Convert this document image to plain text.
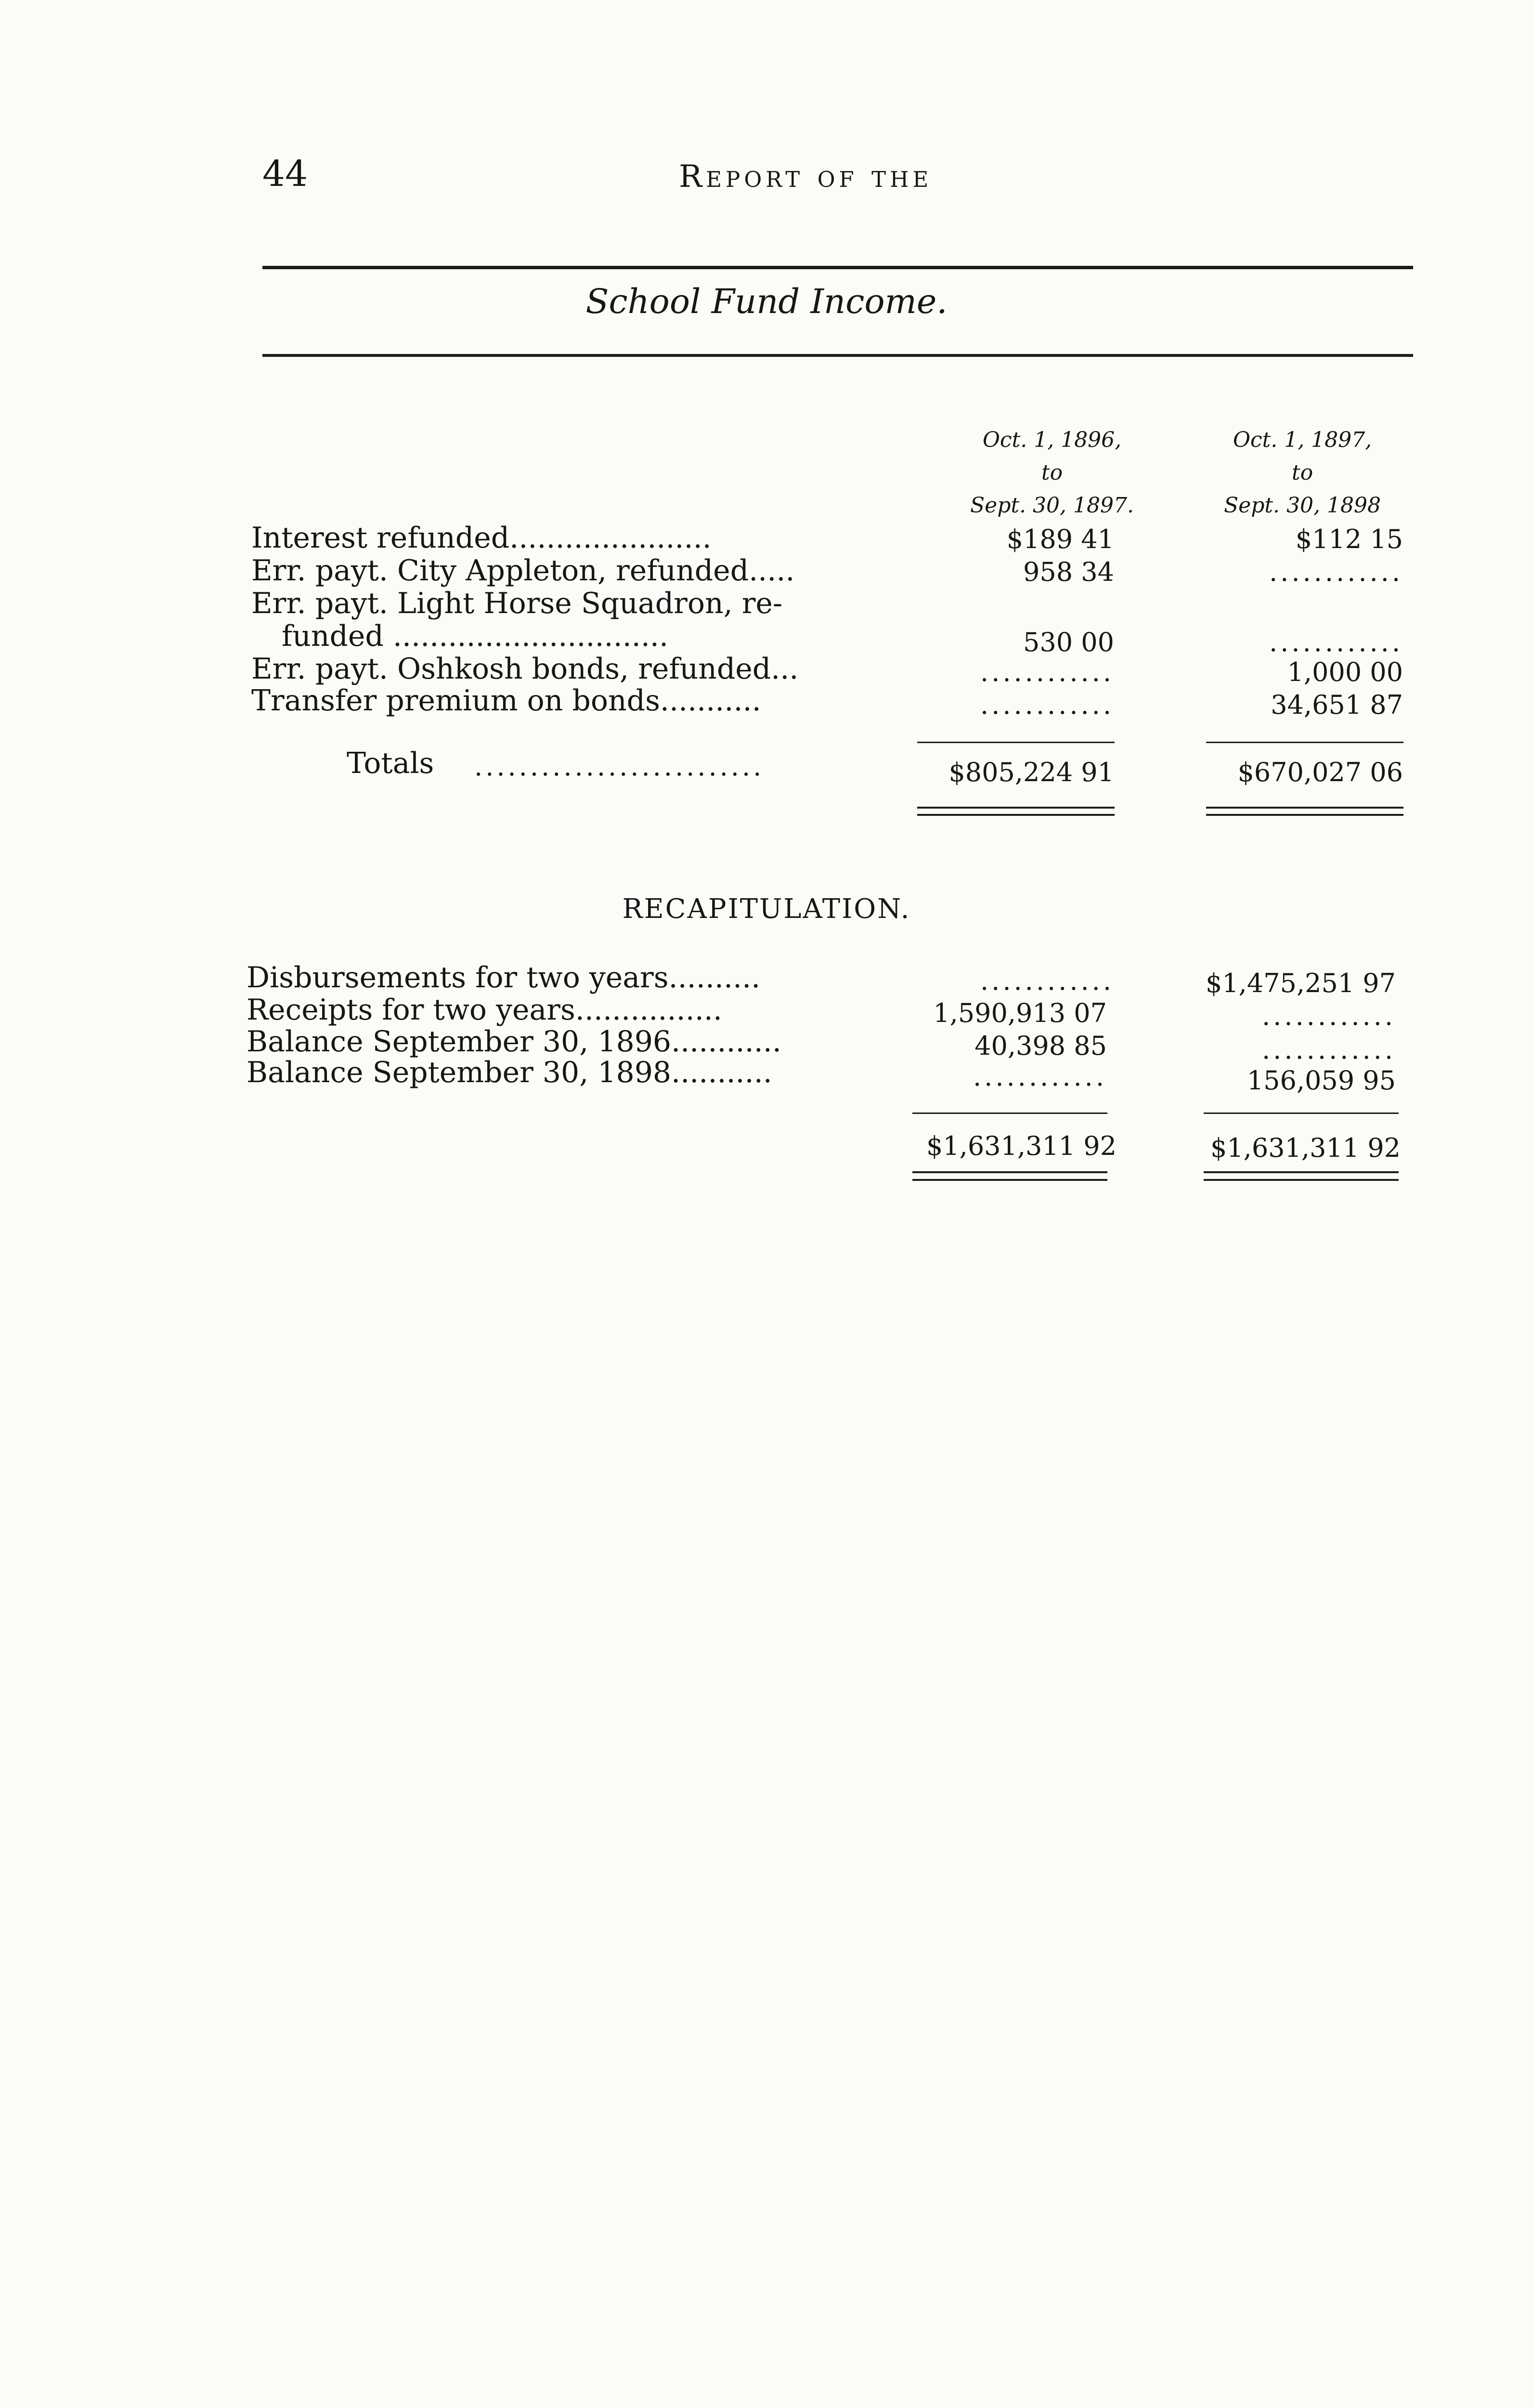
44	Report of the
School Fund Income.
Oct. 1, 1896,
to
Sept. 30, 1897.
Oct. 1, 1897,
to
Sept. 30, 1898
Interest refunded......................	$189 41	$112 15
Err. payt. City Appleton, refunded.....	958 34	............
Err. payt. Light Horse Squadron, re-
funded ..............................	530 00	............
Err. payt. Oshkosh bonds, refunded...	............	1,000 00
Transfer premium on bonds...........	............	34,651 87
Totals ..........................	$805,224 91	$670,027 06
RECAPITULATION.
Disbursements for two years..........	............	$1,475,251 97
Receipts for two years................	1,590,913 07	............
Balance September 30, 1896............	40,398 85	............
Balance September 30, 1898...........	............	156,059 95
$1,631,311 92	$1,631,311 92
